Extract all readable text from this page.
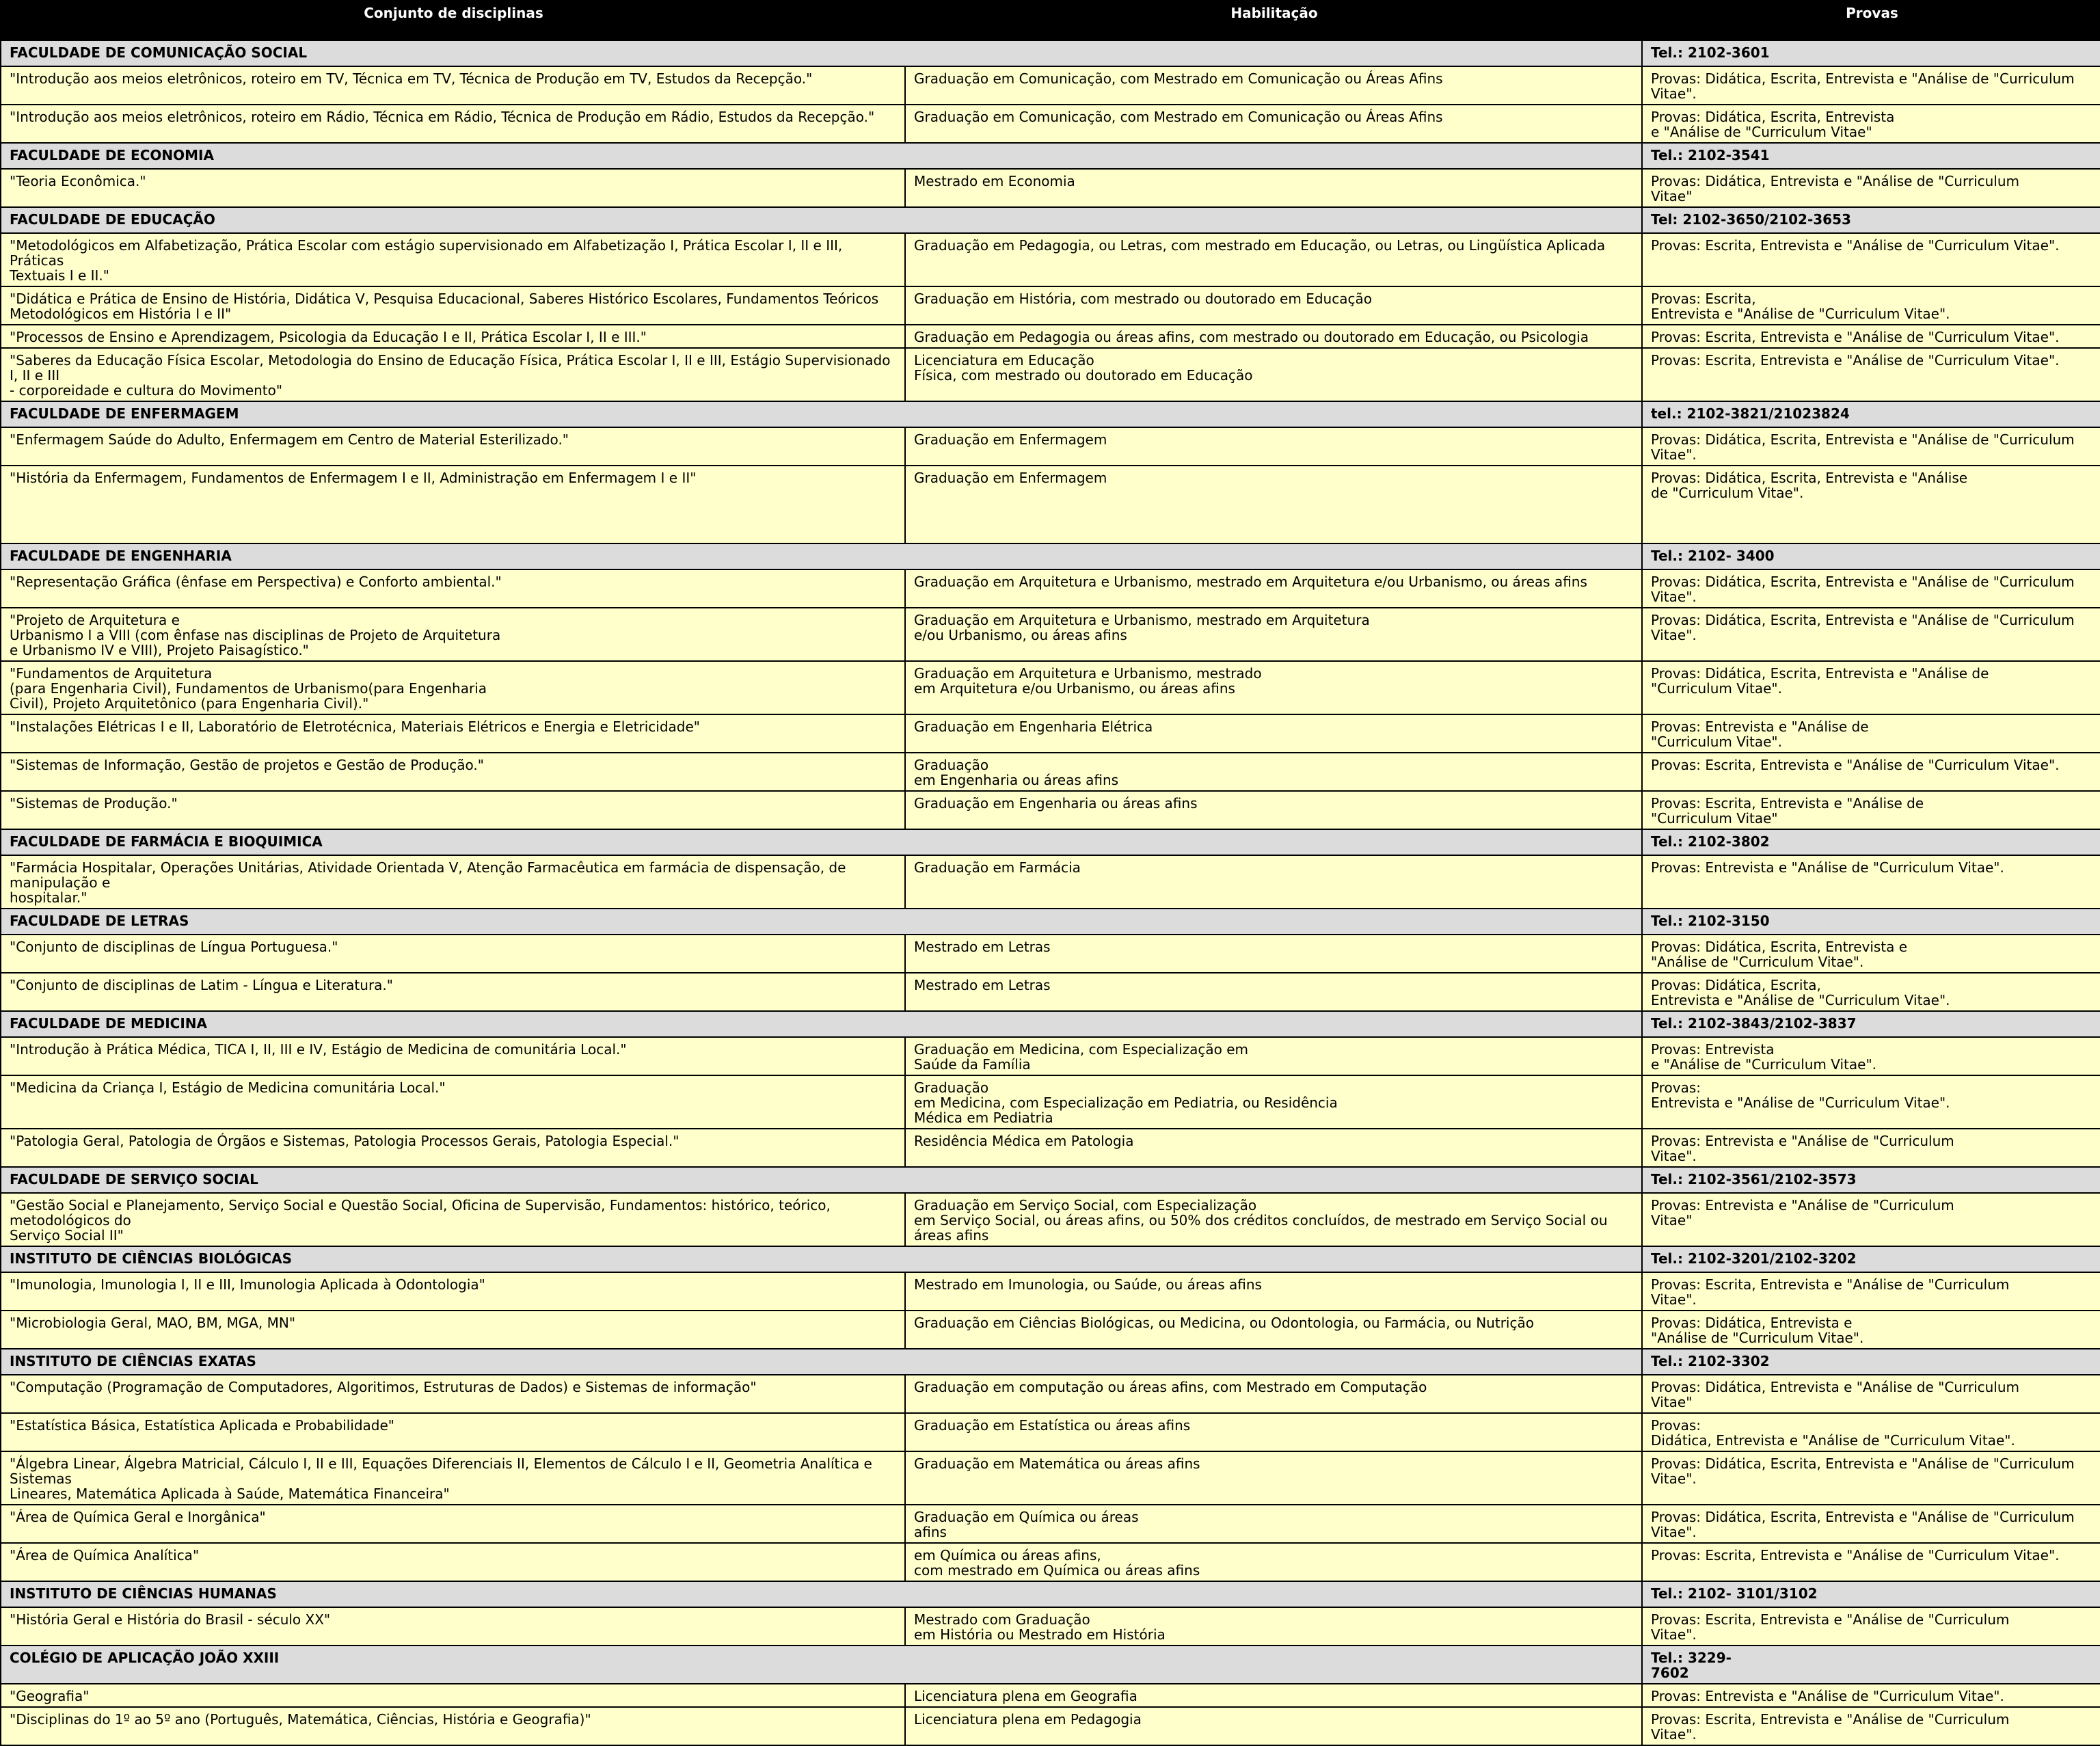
Conjunto de disciplinas	Habilitação	Provas
FACULDADE DE COMUNICAÇÃO SOCIAL		Tel.: 2102-3601
"Introdução aos meios eletrônicos, roteiro em TV, Técnica em TV, Técnica de Produção em TV, Estudos da Recepção."	Graduação em Comunicação, com Mestrado em Comunicação ou Áreas Afins	Provas: Didática, Escrita, Entrevista e "Análise de "Curriculum Vitae".
"Introdução aos meios eletrônicos, roteiro em Rádio, Técnica em Rádio, Técnica de Produção em Rádio, Estudos da Recepção."	Graduação em Comunicação, com Mestrado em Comunicação ou Áreas Afins	Provas: Didática, Escrita, Entrevista
e "Análise de "Curriculum Vitae"
FACULDADE DE ECONOMIA		Tel.: 2102-3541
"Teoria Econômica."	Mestrado em Economia	Provas: Didática, Entrevista e "Análise de "Curriculum
Vitae"
FACULDADE DE EDUCAÇÃO		Tel: 2102-3650/2102-3653
"Metodológicos em Alfabetização, Prática Escolar com estágio supervisionado em Alfabetização I, Prática Escolar I, II e III, Práticas
Textuais I e II."	Graduação em Pedagogia, ou Letras, com mestrado em Educação, ou Letras, ou Lingüística Aplicada	Provas: Escrita, Entrevista e "Análise de "Curriculum Vitae".
"Didática e Prática de Ensino de História, Didática V, Pesquisa Educacional, Saberes Histórico Escolares, Fundamentos Teóricos
Metodológicos em História I e II"	Graduação em História, com mestrado ou doutorado em Educação	Provas: Escrita,
Entrevista e "Análise de "Curriculum Vitae".
"Processos de Ensino e Aprendizagem, Psicologia da Educação I e II, Prática Escolar I, II e III."	Graduação em Pedagogia ou áreas afins, com mestrado ou doutorado em Educação, ou Psicologia	Provas: Escrita, Entrevista e "Análise de "Curriculum Vitae".
"Saberes da Educação Física Escolar, Metodologia do Ensino de Educação Física, Prática Escolar I, II e III, Estágio Supervisionado I, II e III
- corporeidade e cultura do Movimento"	Licenciatura em Educação
Física, com mestrado ou doutorado em Educação	Provas: Escrita, Entrevista e "Análise de "Curriculum Vitae".
FACULDADE DE ENFERMAGEM		tel.: 2102-3821/21023824
"Enfermagem Saúde do Adulto, Enfermagem em Centro de Material Esterilizado."	Graduação em Enfermagem	Provas: Didática, Escrita, Entrevista e "Análise de "Curriculum
Vitae".
"História da Enfermagem, Fundamentos de Enfermagem I e II, Administração em Enfermagem I e II"	Graduação em Enfermagem	Provas: Didática, Escrita, Entrevista e "Análise
de "Curriculum Vitae".
FACULDADE DE ENGENHARIA		Tel.: 2102- 3400
"Representação Gráfica (ênfase em Perspectiva) e Conforto ambiental."	Graduação em Arquitetura e Urbanismo, mestrado em Arquitetura e/ou Urbanismo, ou áreas afins	Provas: Didática, Escrita, Entrevista e "Análise de "Curriculum Vitae".
"Projeto de Arquitetura e
Urbanismo I a VIII (com ênfase nas disciplinas de Projeto de Arquitetura
e Urbanismo IV e VIII), Projeto Paisagístico."	Graduação em Arquitetura e Urbanismo, mestrado em Arquitetura
e/ou Urbanismo, ou áreas afins	Provas: Didática, Escrita, Entrevista e "Análise de "Curriculum
Vitae".
"Fundamentos de Arquitetura
(para Engenharia Civil), Fundamentos de Urbanismo(para Engenharia
Civil), Projeto Arquitetônico (para Engenharia Civil)."	Graduação em Arquitetura e Urbanismo, mestrado
em Arquitetura e/ou Urbanismo, ou áreas afins	Provas: Didática, Escrita, Entrevista e "Análise de
"Curriculum Vitae".
"Instalações Elétricas I e II, Laboratório de Eletrotécnica, Materiais Elétricos e Energia e Eletricidade"	Graduação em Engenharia Elétrica	Provas: Entrevista e "Análise de
"Curriculum Vitae".
"Sistemas de Informação, Gestão de projetos e Gestão de Produção."	Graduação
em Engenharia ou áreas afins	Provas: Escrita, Entrevista e "Análise de "Curriculum Vitae".
"Sistemas de Produção."	Graduação em Engenharia ou áreas afins	Provas: Escrita, Entrevista e "Análise de
"Curriculum Vitae"
FACULDADE DE FARMÁCIA E BIOQUIMICA		Tel.: 2102-3802
"Farmácia Hospitalar, Operações Unitárias, Atividade Orientada V, Atenção Farmacêutica em farmácia de dispensação, de manipulação e
hospitalar."	Graduação em Farmácia	Provas: Entrevista e "Análise de "Curriculum Vitae".
FACULDADE DE LETRAS		Tel.: 2102-3150
"Conjunto de disciplinas de Língua Portuguesa."	Mestrado em Letras	Provas: Didática, Escrita, Entrevista e
"Análise de "Curriculum Vitae".
"Conjunto de disciplinas de Latim - Língua e Literatura."	Mestrado em Letras	Provas: Didática, Escrita,
Entrevista e "Análise de "Curriculum Vitae".
FACULDADE DE MEDICINA		Tel.: 2102-3843/2102-3837
"Introdução à Prática Médica, TICA I, II, III e IV, Estágio de Medicina de comunitária Local."	Graduação em Medicina, com Especialização em
Saúde da Família	Provas: Entrevista
e "Análise de "Curriculum Vitae".
"Medicina da Criança I, Estágio de Medicina comunitária Local."	Graduação
em Medicina, com Especialização em Pediatria, ou Residência
Médica em Pediatria	Provas:
Entrevista e "Análise de "Curriculum Vitae".
"Patologia Geral, Patologia de Órgãos e Sistemas, Patologia Processos Gerais, Patologia Especial."	Residência Médica em Patologia	Provas: Entrevista e "Análise de "Curriculum
Vitae".
FACULDADE DE SERVIÇO SOCIAL		Tel.: 2102-3561/2102-3573
"Gestão Social e Planejamento, Serviço Social e Questão Social, Oficina de Supervisão, Fundamentos: histórico, teórico, metodológicos do
Serviço Social II"	Graduação em Serviço Social, com Especialização
em Serviço Social, ou áreas afins, ou 50% dos créditos concluídos, de mestrado em Serviço Social ou áreas afins	Provas: Entrevista e "Análise de "Curriculum
Vitae"
INSTITUTO DE CIÊNCIAS BIOLÓGICAS		Tel.: 2102-3201/2102-3202
"Imunologia, Imunologia I, II e III, Imunologia Aplicada à Odontologia"	Mestrado em Imunologia, ou Saúde, ou áreas afins	Provas: Escrita, Entrevista e "Análise de "Curriculum
Vitae".
"Microbiologia Geral, MAO, BM, MGA, MN"	Graduação em Ciências Biológicas, ou Medicina, ou Odontologia, ou Farmácia, ou Nutrição	Provas: Didática, Entrevista e
"Análise de "Curriculum Vitae".
INSTITUTO DE CIÊNCIAS EXATAS		Tel.: 2102-3302
"Computação (Programação de Computadores, Algoritimos, Estruturas de Dados) e Sistemas de informação"	Graduação em computação ou áreas afins, com Mestrado em Computação	Provas: Didática, Entrevista e "Análise de "Curriculum
Vitae"
"Estatística Básica, Estatística Aplicada e Probabilidade"	Graduação em Estatística ou áreas afins	Provas:
Didática, Entrevista e "Análise de "Curriculum Vitae".
"Álgebra Linear, Álgebra Matricial, Cálculo I, II e III, Equações Diferenciais II, Elementos de Cálculo I e II, Geometria Analítica e Sistemas
Lineares, Matemática Aplicada à Saúde, Matemática Financeira"	Graduação em Matemática ou áreas afins	Provas: Didática, Escrita, Entrevista e "Análise de "Curriculum Vitae".
"Área de Química Geral e Inorgânica"	Graduação em Química ou áreas
afins	Provas: Didática, Escrita, Entrevista e "Análise de "Curriculum Vitae".
"Área de Química Analítica"	em Química ou áreas afins,
com mestrado em Química ou áreas afins	Provas: Escrita, Entrevista e "Análise de "Curriculum Vitae".
INSTITUTO DE CIÊNCIAS HUMANAS		Tel.: 2102- 3101/3102
"História Geral e História do Brasil - século XX"	Mestrado com Graduação
em História ou Mestrado em História	Provas: Escrita, Entrevista e "Análise de "Curriculum
Vitae".
COLÉGIO DE APLICAÇÃO JOÃO XXIII		Tel.: 3229-
7602
"Geografia"	Licenciatura plena em Geografia	Provas: Entrevista e "Análise de "Curriculum Vitae".
"Disciplinas do 1º ao 5º ano (Português, Matemática, Ciências, História e Geografia)"	Licenciatura plena em Pedagogia	Provas: Escrita, Entrevista e "Análise de "Curriculum
Vitae".
